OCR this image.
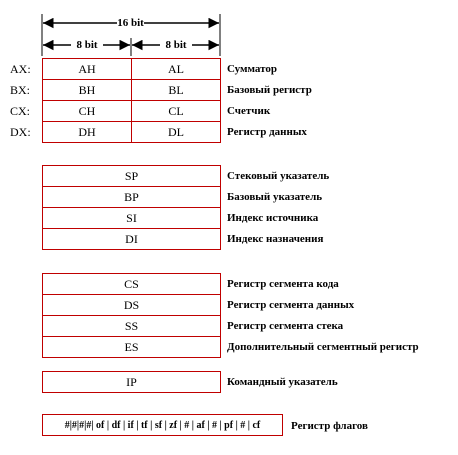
16 bit
8 bit	8 bit
AX:	AH	AL	Сумматор
BX:	BH	BL	Базовый регистр
CX:	CH	CL	Счетчик
DX:	DH	DL	Регистр данных
SP	Стековый указатель
BP	Базовый указатель
SI	Индекс источника
DI	Индекс назначения
CS	Регистр сегмента кода
DS	Регистр сегмента данных
SS	Регистр сегмента стека
ES	Дополнительный сегментный регистр
IP	Командный указатель
#|#|#|#| of | df | if | tf | sf | zf | # | af | # | pf | # | cf	Регистр флагов
